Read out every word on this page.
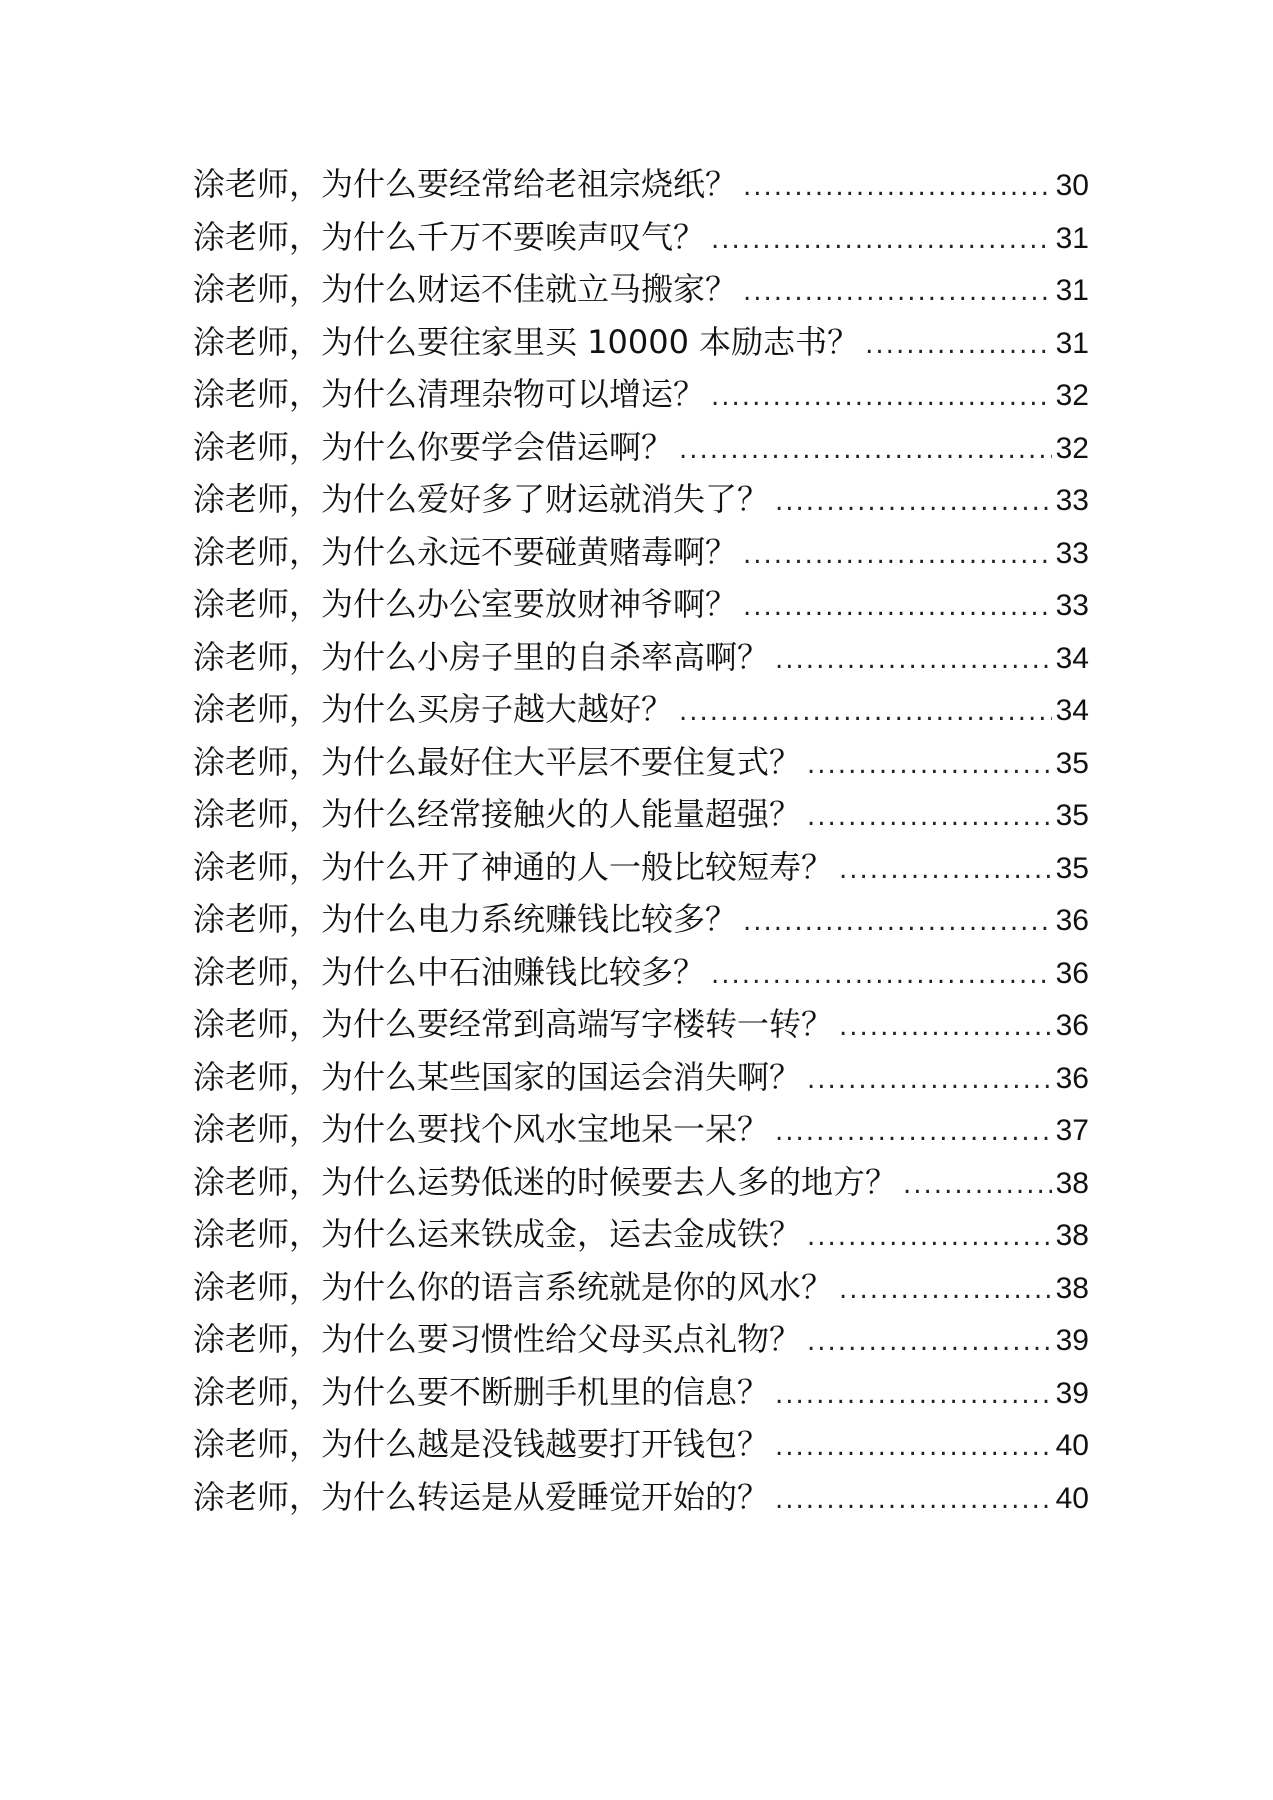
涂老师，为什么要经常给老祖宗烧纸？ .....	30
涂老师，为什么千万不要唉声叹气？ .....	31
涂老师，为什么财运不佳就立马搬家？ .....	31
涂老师，为什么要往家里买 10000 本励志书？ .....	31
涂老师，为什么清理杂物可以增运？ .....	32
涂老师，为什么你要学会借运啊？ .....	32
涂老师，为什么爱好多了财运就消失了？ .....	33
涂老师，为什么永远不要碰黄赌毒啊？ .....	33
涂老师，为什么办公室要放财神爷啊？ .....	33
涂老师，为什么小房子里的自杀率高啊？ .....	34
涂老师，为什么买房子越大越好？ .....	34
涂老师，为什么最好住大平层不要住复式？ .....	35
涂老师，为什么经常接触火的人能量超强？ .....	35
涂老师，为什么开了神通的人一般比较短寿？ .....	35
涂老师，为什么电力系统赚钱比较多？ .....	36
涂老师，为什么中石油赚钱比较多？ .....	36
涂老师，为什么要经常到高端写字楼转一转？ .....	36
涂老师，为什么某些国家的国运会消失啊？ .....	36
涂老师，为什么要找个风水宝地呆一呆？ .....	37
涂老师，为什么运势低迷的时候要去人多的地方？ .....	38
涂老师，为什么运来铁成金，运去金成铁？ .....	38
涂老师，为什么你的语言系统就是你的风水？ .....	38
涂老师，为什么要习惯性给父母买点礼物？ .....	39
涂老师，为什么要不断删手机里的信息？ .....	39
涂老师，为什么越是没钱越要打开钱包？ .....	40
涂老师，为什么转运是从爱睡觉开始的？ .....	40
